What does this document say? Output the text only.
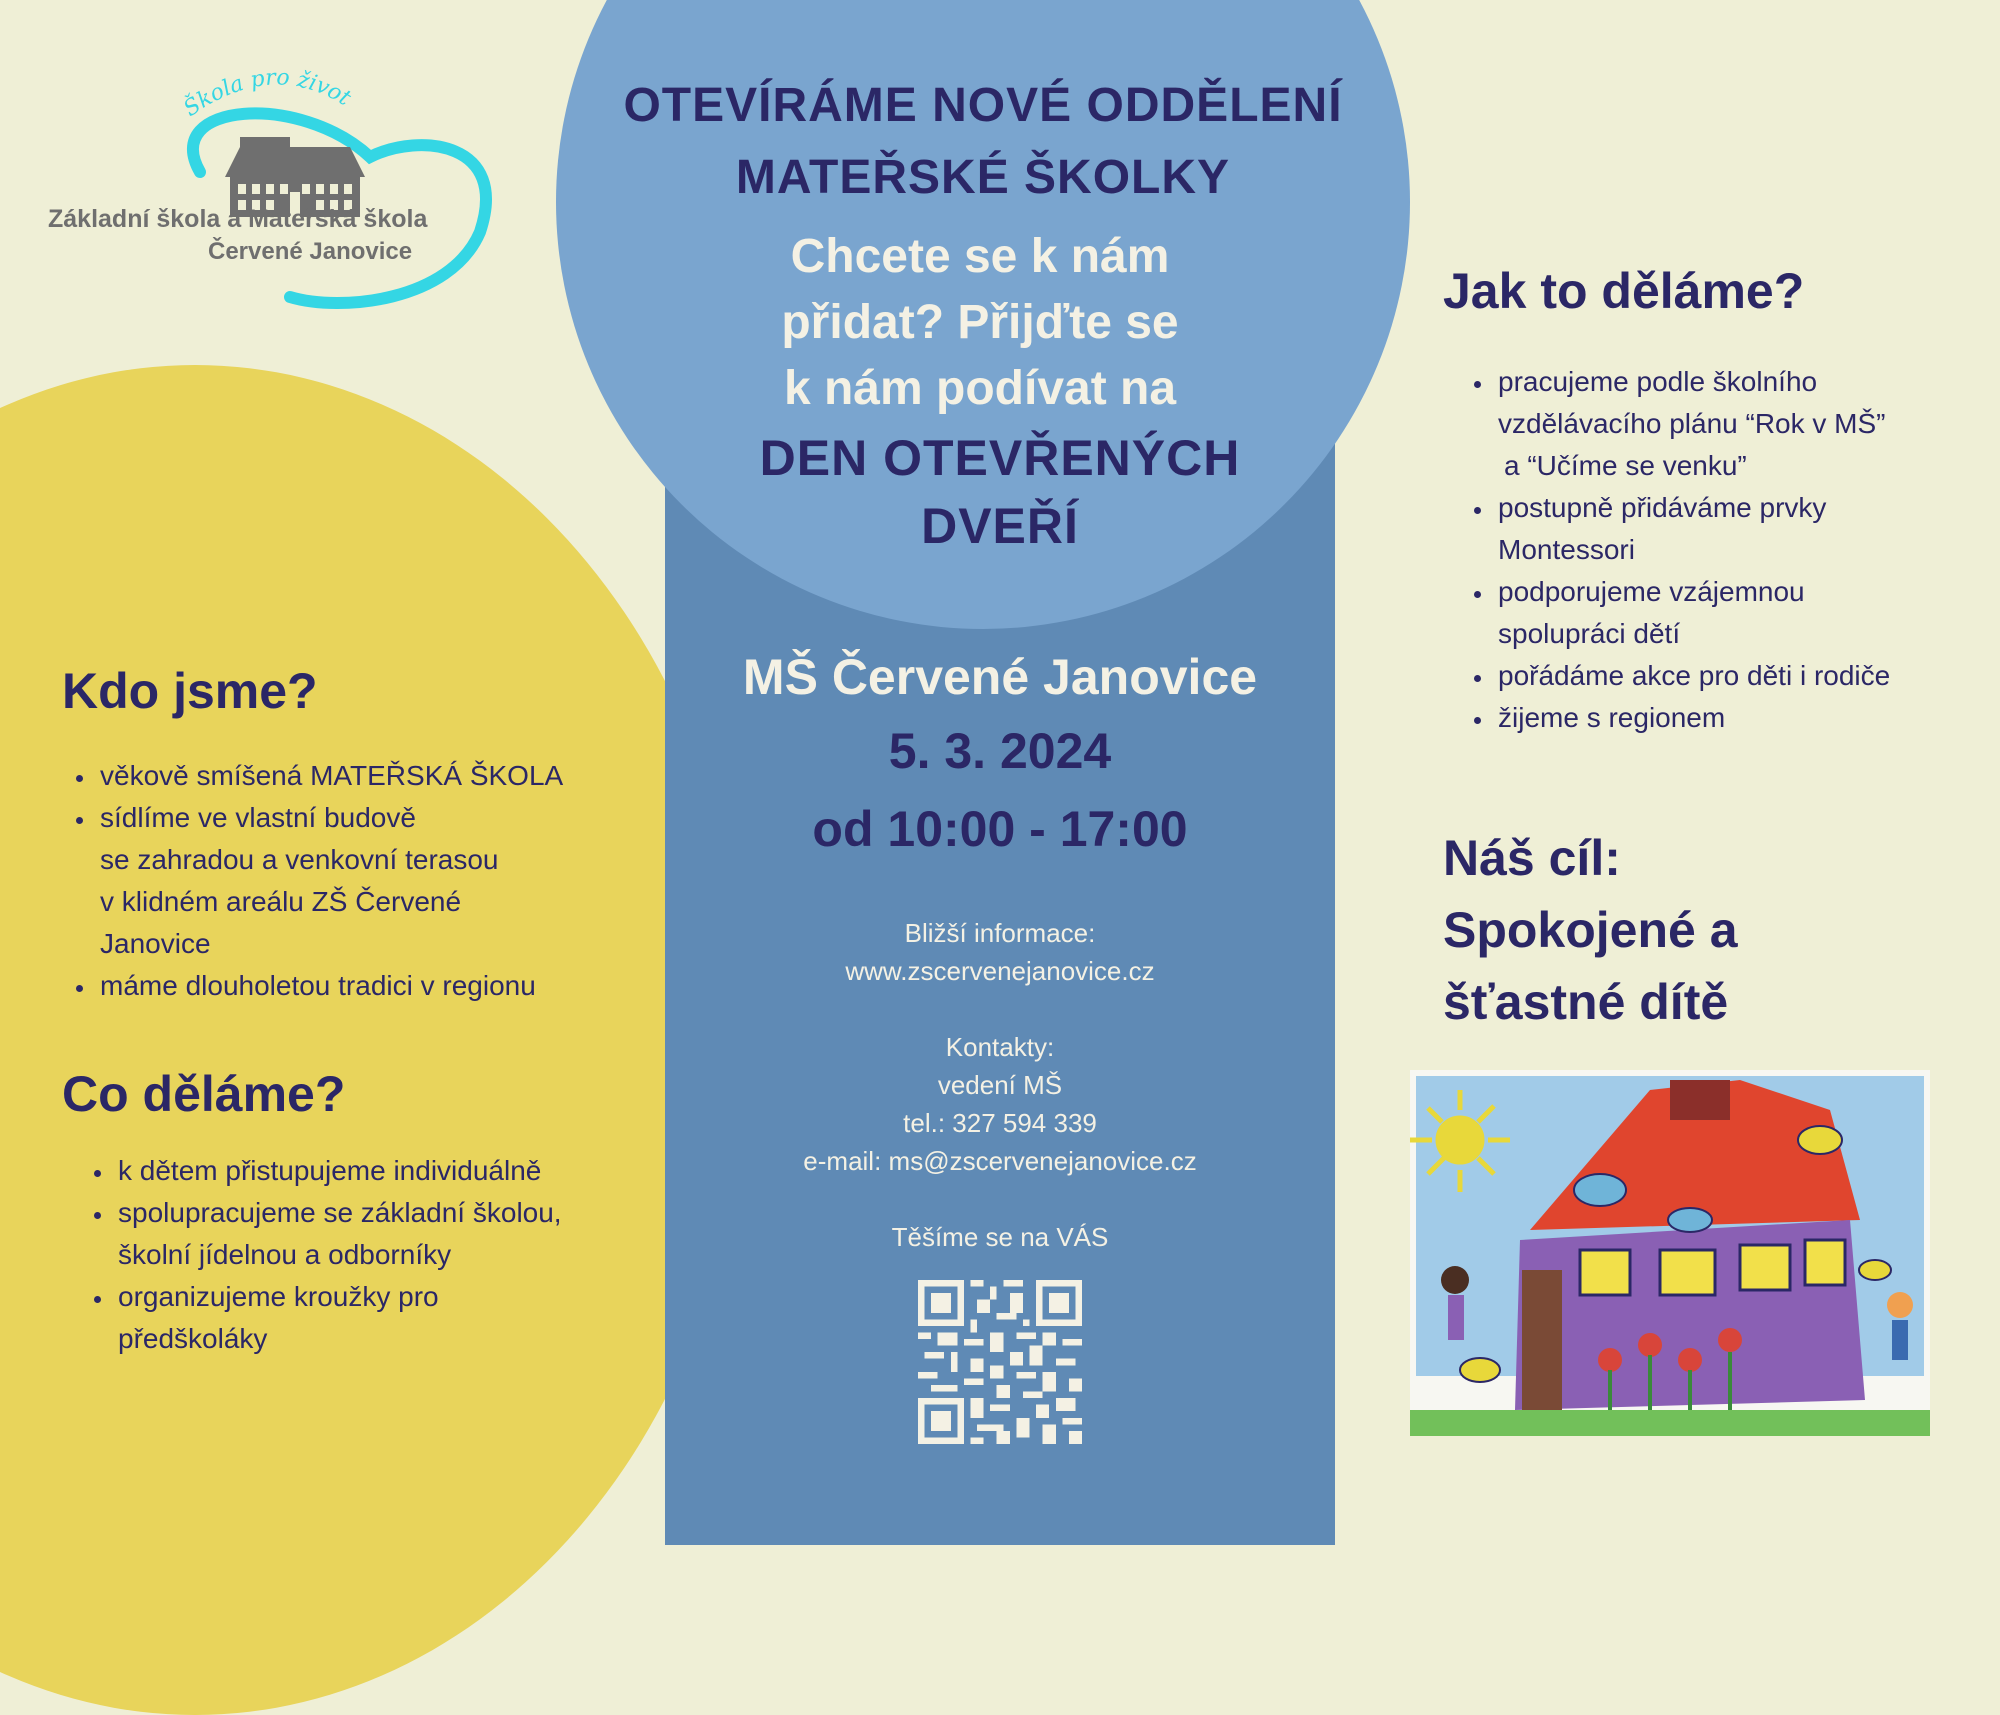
Škola pro život
Základní škola a Mateřská škola
Červené Janovice
OTEVÍRÁME NOVÉ ODDĚLENÍ
MATEŘSKÉ ŠKOLKY
Chcete se k nám
přidat? Přijďte se
k nám podívat na
DEN OTEVŘENÝCH
DVEŘÍ
MŠ Červené Janovice
5. 3. 2024
od 10:00 - 17:00
Bližší informace:
www.zscervenejanovice.cz
Kontakty:
vedení MŠ
tel.: 327 594 339
e-mail: ms@zscervenejanovice.cz
Těšíme se na VÁS
Kdo jsme?
• věkově smíšená MATEŘSKÁ ŠKOLA
• sídlíme ve vlastní budově
se zahradou a venkovní terasou
v klidném areálu ZŠ Červené
Janovice
• máme dlouholetou tradici v regionu
Co děláme?
• k dětem přistupujeme individuálně
• spolupracujeme se základní školou,
školní jídelnou a odborníky
• organizujeme kroužky pro
předškoláky
Jak to děláme?
• pracujeme podle školního
vzdělávacího plánu “Rok v MŠ”
a “Učíme se venku”
• postupně přidáváme prvky
Montessori
• podporujeme vzájemnou
spolupráci dětí
• pořádáme akce pro děti i rodiče
• žijeme s regionem
Náš cíl:
Spokojené a
šťastné dítě
